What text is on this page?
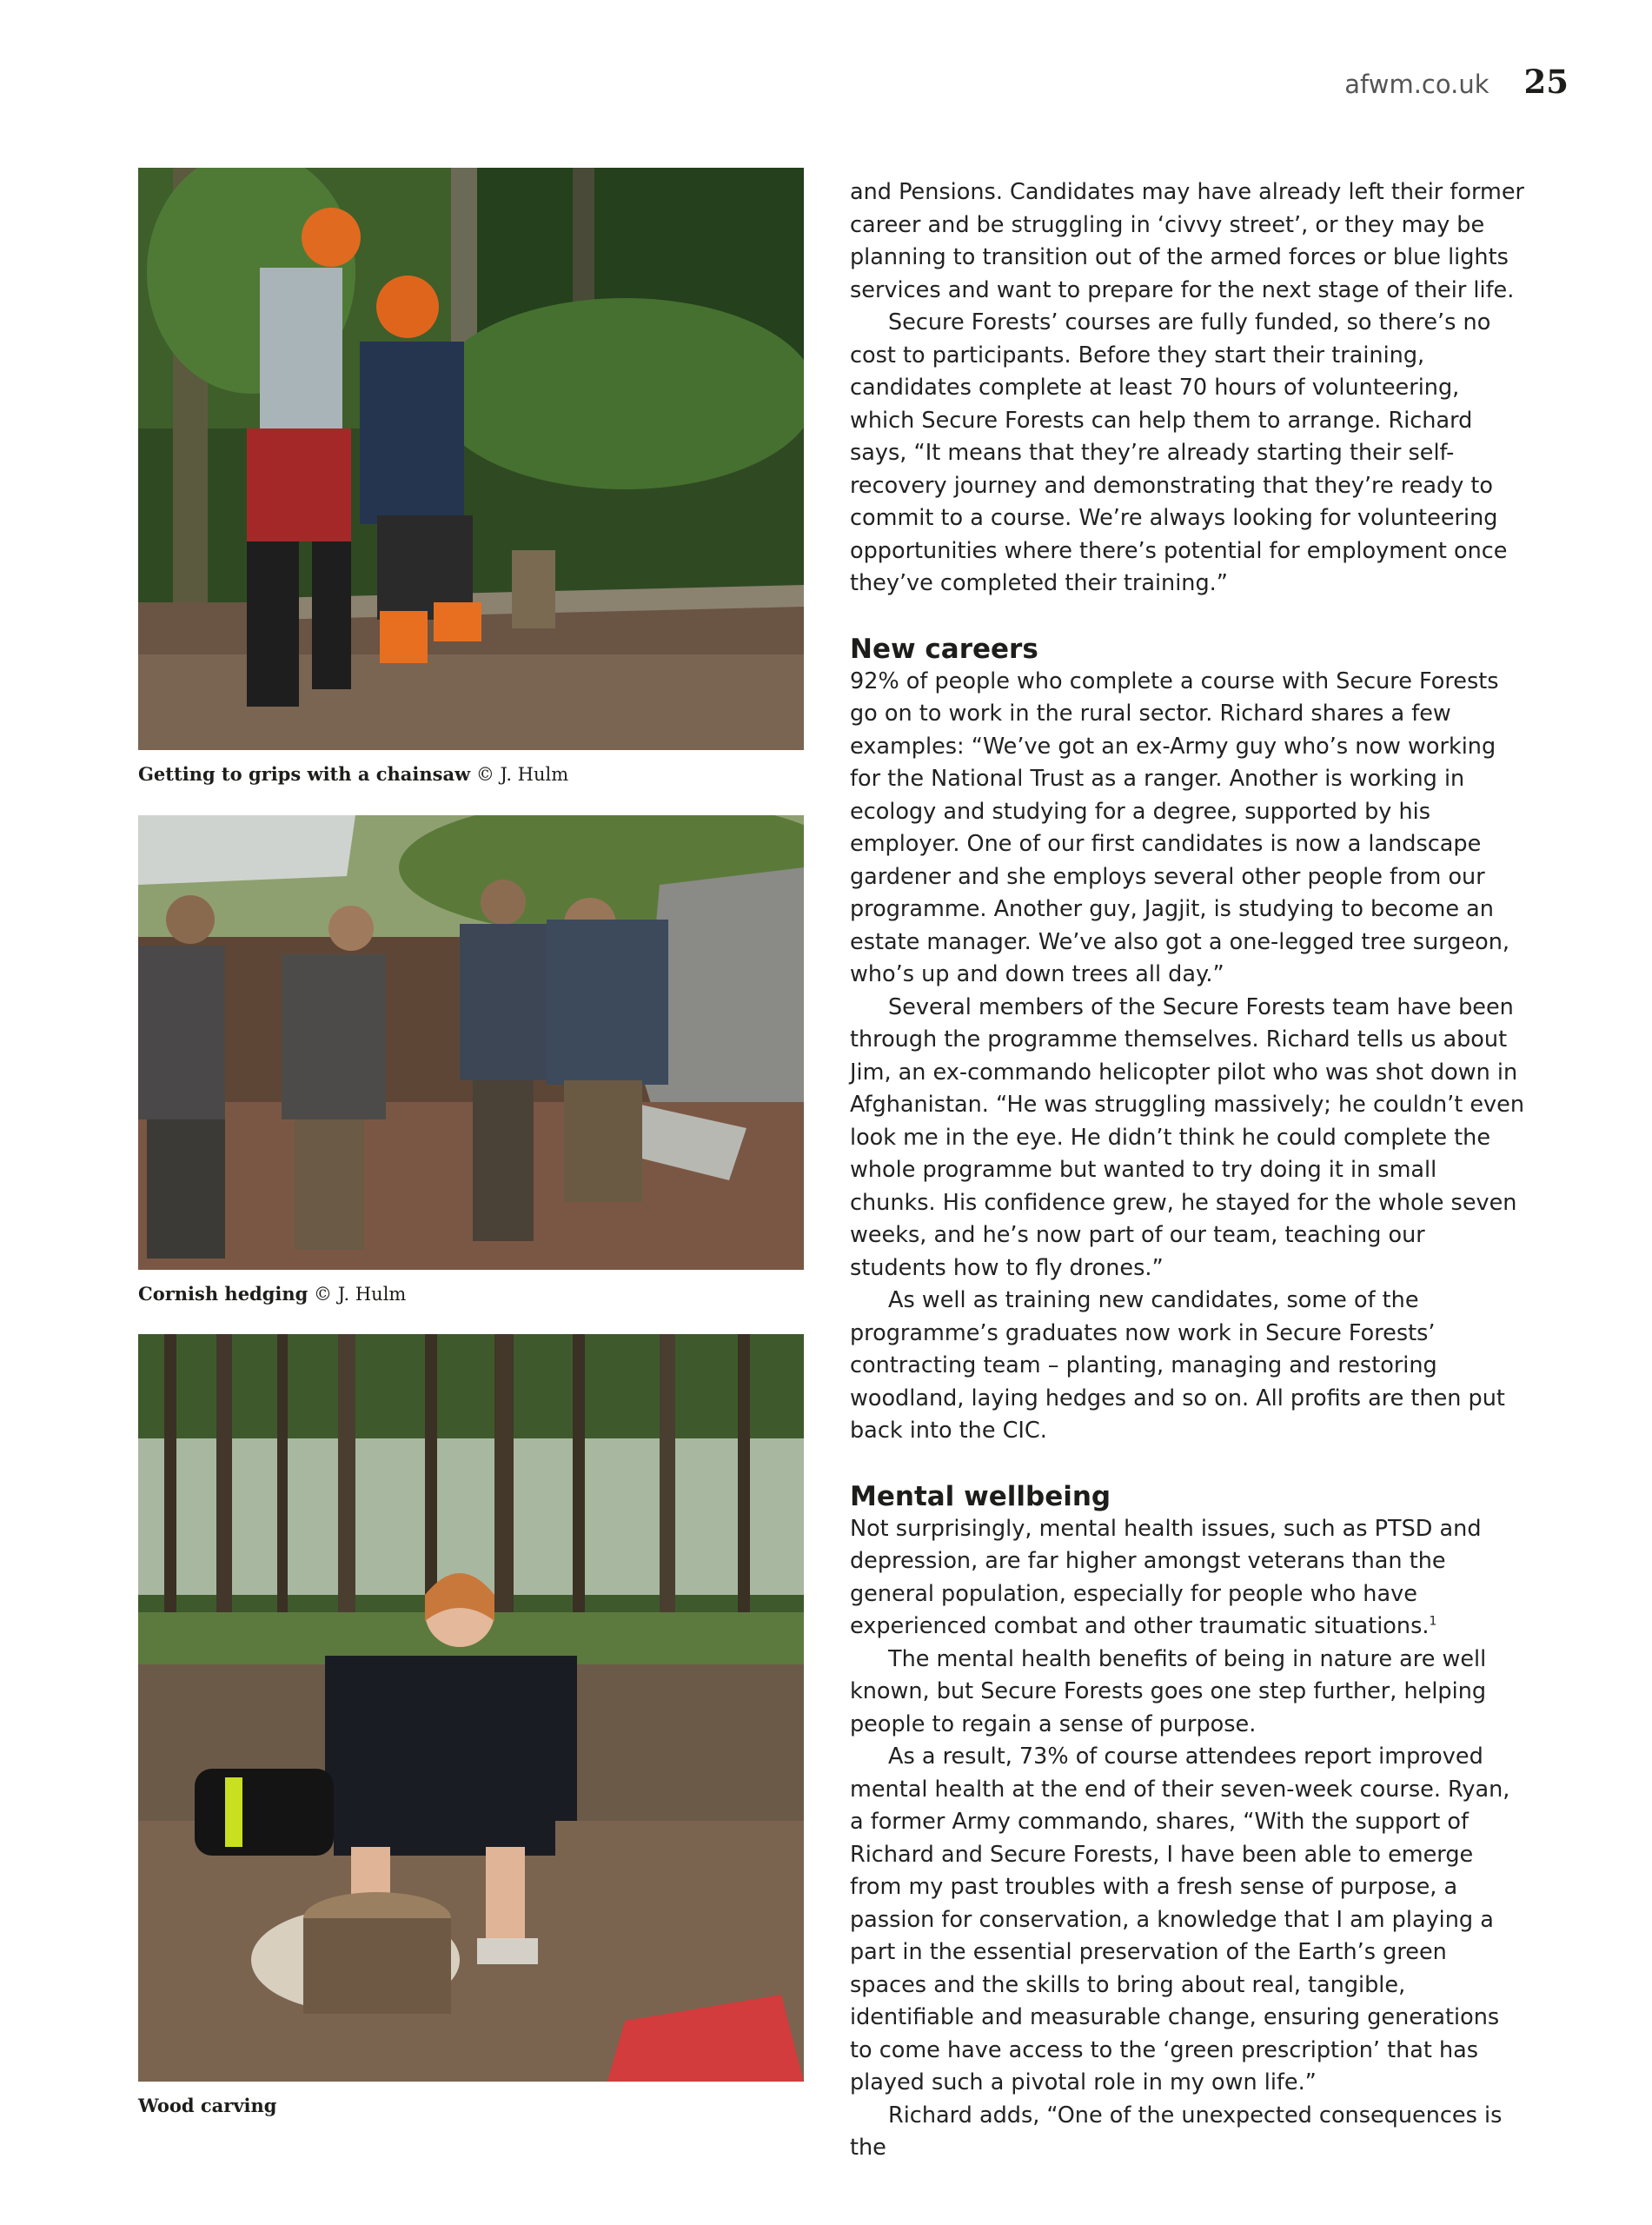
afwm.co.uk 25
Getting to grips with a chainsaw © J. Hulm
Cornish hedging © J. Hulm
Wood carving

and Pensions. Candidates may have already left their former career and be struggling in ‘civvy street’, or they may be planning to transition out of the armed forces or blue lights services and want to prepare for the next stage of their life.

Secure Forests’ courses are fully funded, so there’s no cost to participants. Before they start their training, candidates complete at least 70 hours of volunteering, which Secure Forests can help them to arrange. Richard says, “It means that they’re already starting their self-recovery journey and demonstrating that they’re ready to commit to a course. We’re always looking for volunteering opportunities where there’s potential for employment once they’ve completed their training.”

New careers

92% of people who complete a course with Secure Forests go on to work in the rural sector. Richard shares a few examples: “We’ve got an ex-Army guy who’s now working for the National Trust as a ranger. Another is working in ecology and studying for a degree, supported by his employer. One of our first candidates is now a landscape gardener and she employs several other people from our programme. Another guy, Jagjit, is studying to become an estate manager. We’ve also got a one-legged tree surgeon, who’s up and down trees all day.”

Several members of the Secure Forests team have been through the programme themselves. Richard tells us about Jim, an ex-commando helicopter pilot who was shot down in Afghanistan. “He was struggling massively; he couldn’t even look me in the eye. He didn’t think he could complete the whole programme but wanted to try doing it in small chunks. His confidence grew, he stayed for the whole seven weeks, and he’s now part of our team, teaching our students how to fly drones.”

As well as training new candidates, some of the programme’s graduates now work in Secure Forests’ contracting team – planting, managing and restoring woodland, laying hedges and so on. All profits are then put back into the CIC.

Mental wellbeing

Not surprisingly, mental health issues, such as PTSD and depression, are far higher amongst veterans than the general population, especially for people who have experienced combat and other traumatic situations.$^1$

The mental health benefits of being in nature are well known, but Secure Forests goes one step further, helping people to regain a sense of purpose.

As a result, 73% of course attendees report improved mental health at the end of their seven-week course. Ryan, a former Army commando, shares, “With the support of Richard and Secure Forests, I have been able to emerge from my past troubles with a fresh sense of purpose, a passion for conservation, a knowledge that I am playing a part in the essential preservation of the Earth’s green spaces and the skills to bring about real, tangible, identifiable and measurable change, ensuring generations to come have access to the ‘green prescription’ that has played such a pivotal role in my own life.”

Richard adds, “One of the unexpected consequences is the
